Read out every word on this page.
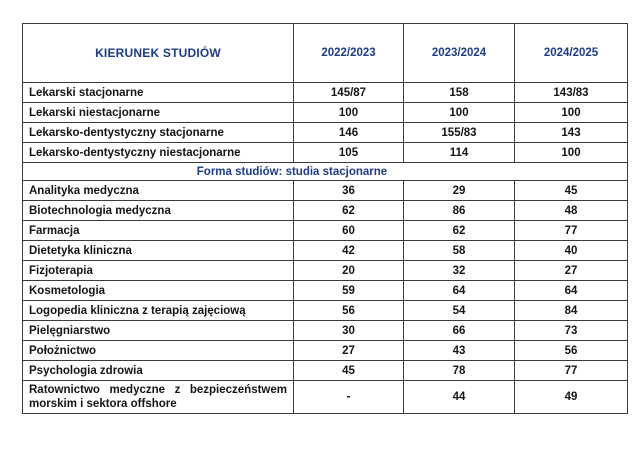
KIERUNEK STUDIÓW	2022/2023	2023/2024	2024/2025
Lekarski stacjonarne	145/87	158	143/83
Lekarski niestacjonarne	100	100	100
Lekarsko-dentystyczny stacjonarne	146	155/83	143
Lekarsko-dentystyczny niestacjonarne	105	114	100
Forma studiów: studia stacjonarne			
Analityka medyczna	36	29	45
Biotechnologia medyczna	62	86	48
Farmacja	60	62	77
Dietetyka kliniczna	42	58	40
Fizjoterapia	20	32	27
Kosmetologia	59	64	64
Logopedia kliniczna z terapią zajęciową	56	54	84
Pielęgniarstwo	30	66	73
Położnictwo	27	43	56
Psychologia zdrowia	45	78	77
Ratownictwo medyczne z bezpieczeństwem morskim i sektora offshore	-	44	49
